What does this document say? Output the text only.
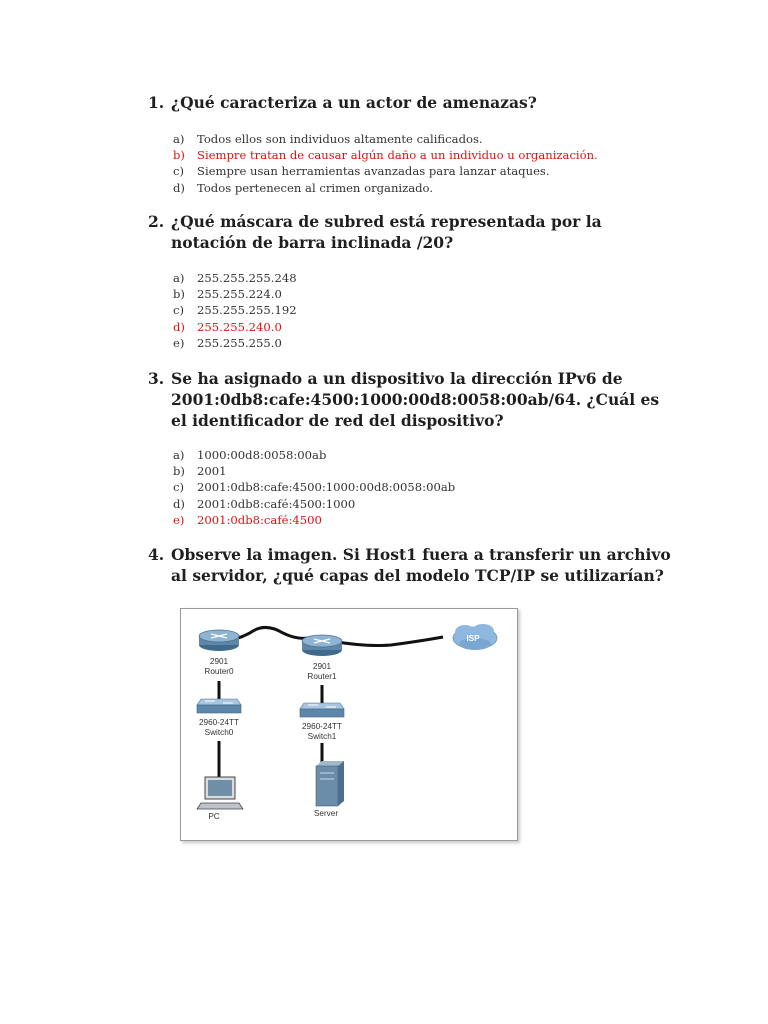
1. ¿Qué caracteriza a un actor de amenazas?
a)	Todos ellos son individuos altamente calificados.
b)	Siempre tratan de causar algún daño a un individuo u organización.
c)	Siempre usan herramientas avanzadas para lanzar ataques.
d)	Todos pertenecen al crimen organizado.
2. ¿Qué máscara de subred está representada por la notación de barra inclinada /20?
a)	255.255.255.248
b)	255.255.224.0
c)	255.255.255.192
d)	255.255.240.0
e)	255.255.255.0
3. Se ha asignado a un dispositivo la dirección IPv6 de 2001:0db8:cafe:4500:1000:00d8:0058:00ab/64. ¿Cuál es el identificador de red del dispositivo?
a)	1000:00d8:0058:00ab
b)	2001
c)	2001:0db8:cafe:4500:1000:00d8:0058:00ab
d)	2001:0db8:café:4500:1000
e)	2001:0db8:café:4500
4. Observe la imagen. Si Host1 fuera a transferir un archivo al servidor, ¿qué capas del modelo TCP/IP se utilizarían?
2901
Router0
2901
Router1
ISP
2960-24TT
Switch0
2960-24TT
Switch1
PC	Server
